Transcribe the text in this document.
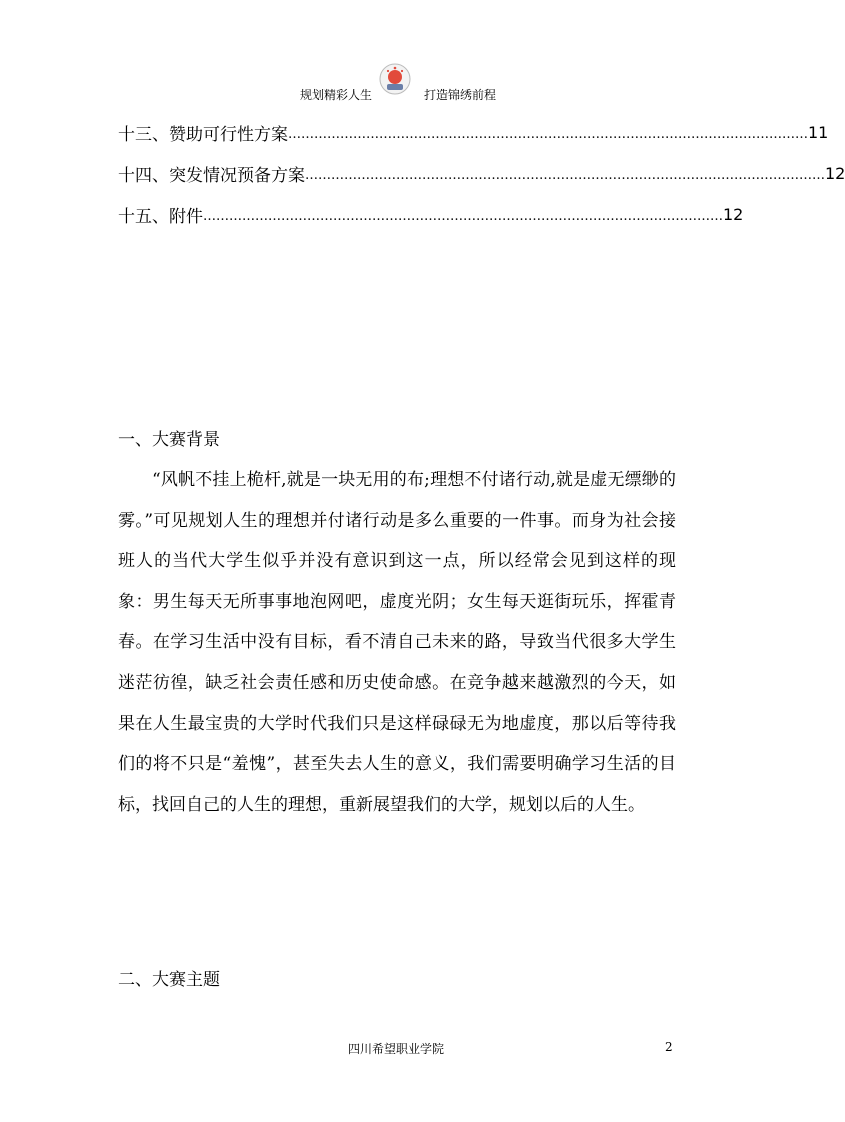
规划精彩人生	打造锦绣前程
十三、赞助可行性方案 ………………………………………………………………………………………………………… 11
十四、突发情况预备方案 ………………………………………………………………………………………………………… 12
十五、附件 ………………………………………………………………………………………………………… 12
一、大赛背景

“风帆不挂上桅杆,就是一块无用的布;理想不付诸行动,就是虚无缥缈的雾。”可见规划人生的理想并付诸行动是多么重要的一件事。而身为社会接班人的当代大学生似乎并没有意识到这一点，所以经常会见到这样的现象：男生每天无所事事地泡网吧，虚度光阴；女生每天逛街玩乐，挥霍青春。在学习生活中没有目标，看不清自己未来的路，导致当代很多大学生迷茫彷徨，缺乏社会责任感和历史使命感。在竞争越来越激烈的今天，如果在人生最宝贵的大学时代我们只是这样碌碌无为地虚度，那以后等待我们的将不只是“羞愧”，甚至失去人生的意义，我们需要明确学习生活的目标，找回自己的人生的理想，重新展望我们的大学，规划以后的人生。

二、大赛主题
四川希望职业学院	2
